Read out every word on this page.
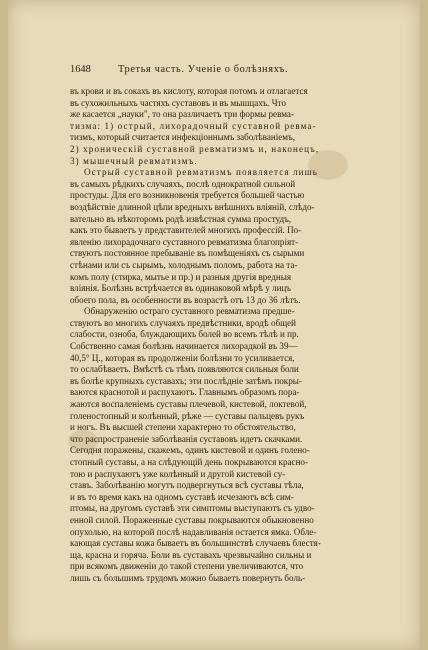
1648	Третья часть. Ученіе о болѣзняхъ.
въ крови и въ сокахъ въ кислоту, которая потомъ и отлагается
въ сухожильныхъ частяхъ суставовъ и въ мышцахъ. Что
же касается „науки", то она различаетъ три формы ревма-
тизма: 1) острый, лихорадочный суставной ревма-
тизмъ, который считается инфекціоннымъ заболѣваніемъ,
2) хроническій суставной ревматизмъ и, наконецъ,
3) мышечный ревматизмъ.
Острый суставной ревматизмъ появляется лишь
въ самыхъ рѣдкихъ случаяхъ, послѣ однократной сильной
простуды. Для его возникновенія требуется большей частью
воздѣйствіе длинной цѣпи вредныхъ внѣшнихъ вліяній, слѣдо-
вательно въ нѣкоторомъ родѣ извѣстная сумма простудъ,
какъ это бываетъ у представителей многихъ профессій. По-
явленію лихорадочнаго суставного ревматизма благопріят-
ствуютъ постоянное пребываніе въ помѣщеніяхъ съ сырыми
стѣнами или съ сырымъ, холоднымъ поломъ, работа на та-
комъ полу (стирка, мытье и пр.) и разныя другія вредныя
вліянія. Болѣзнь встрѣчается въ одинаковой мѣрѣ у лицъ
обоего пола, въ особенности въ возрастѣ отъ 13 до 36 лѣтъ.
Обнаруженію остраго суставного ревматизма предше-
ствуютъ во многихъ случаяхъ предвѣстники, вродѣ общей
слабости, озноба, блуждающихъ болей во всемъ тѣлѣ и пр.
Собственно самая болѣзнь начинается лихорадкой въ 39—
40,5° Ц., которая въ продолженіи болѣзни то усиливается,
то ослабѣваетъ. Вмѣстѣ съ тѣмъ появляются сильныя боли
въ болѣе крупныхъ суставахъ; эти послѣдніе затѣмъ покры-
ваются краснотой и распухаютъ. Главнымъ образомъ пора-
жаются воспаленіемъ суставы плечевой, кистевой, локтевой,
голеностопный и колѣнный, рѣже — суставы пальцевъ рукъ
и ногъ. Въ высшей степени характерно то обстоятельство,
что распространеніе заболѣванія суставовъ идетъ скачками.
Сегодня поражены, скажемъ, одинъ кистевой и одинъ голено-
стопный суставы, а на слѣдующій день покрываются красно-
тою и распухаютъ уже колѣнный и другой кистевой су-
ставъ. Заболѣванію могутъ подвергнуться всѣ суставы тѣла,
и въ то время какъ на одномъ суставѣ исчезаютъ всѣ сим-
птомы, на другомъ суставѣ эти симптомы выступаютъ съ удво-
енной силой. Пораженные суставы покрываются обыкновенно
опухолью, на которой послѣ надавливанія остается ямка. Обле-
кающая суставы кожа бываетъ въ большинствѣ случаевъ блестя-
ща, красна и горяча. Боли въ суставахъ чрезвычайно сильны и
при всякомъ движеніи до такой степени увеличиваются, что
лишь съ большимъ трудомъ можно бываетъ повернуть боль-
